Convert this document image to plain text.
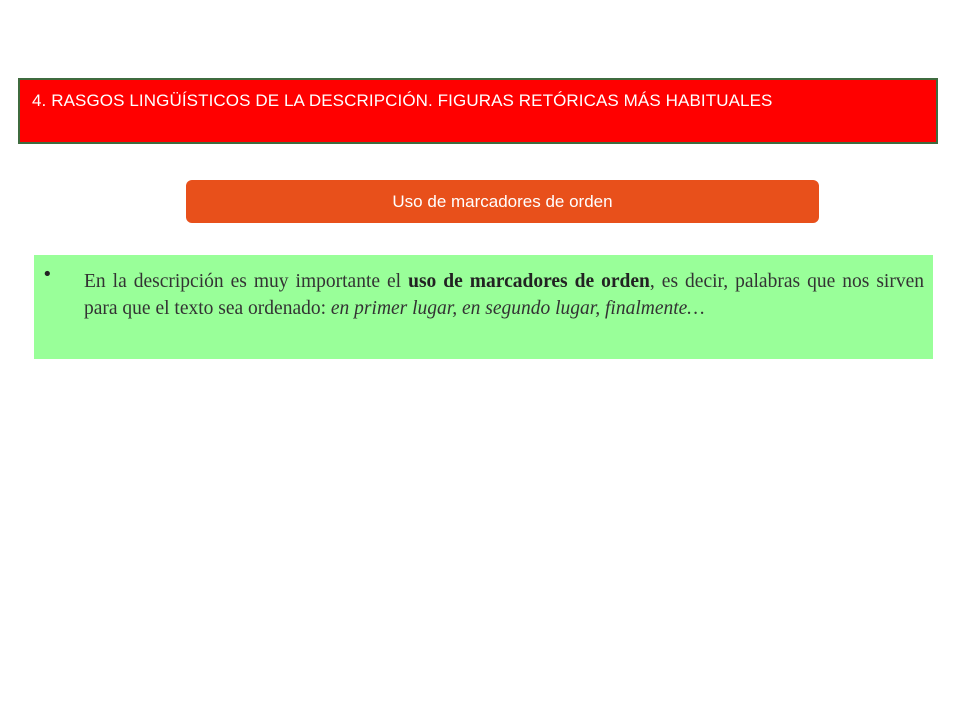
4. RASGOS LINGÜÍSTICOS DE LA DESCRIPCIÓN. FIGURAS RETÓRICAS MÁS HABITUALES
Uso de marcadores de orden
• En la descripción es muy importante el uso de marcadores de orden, es decir, palabras que nos sirven para que el texto sea ordenado: en primer lugar, en segundo lugar, finalmente…
